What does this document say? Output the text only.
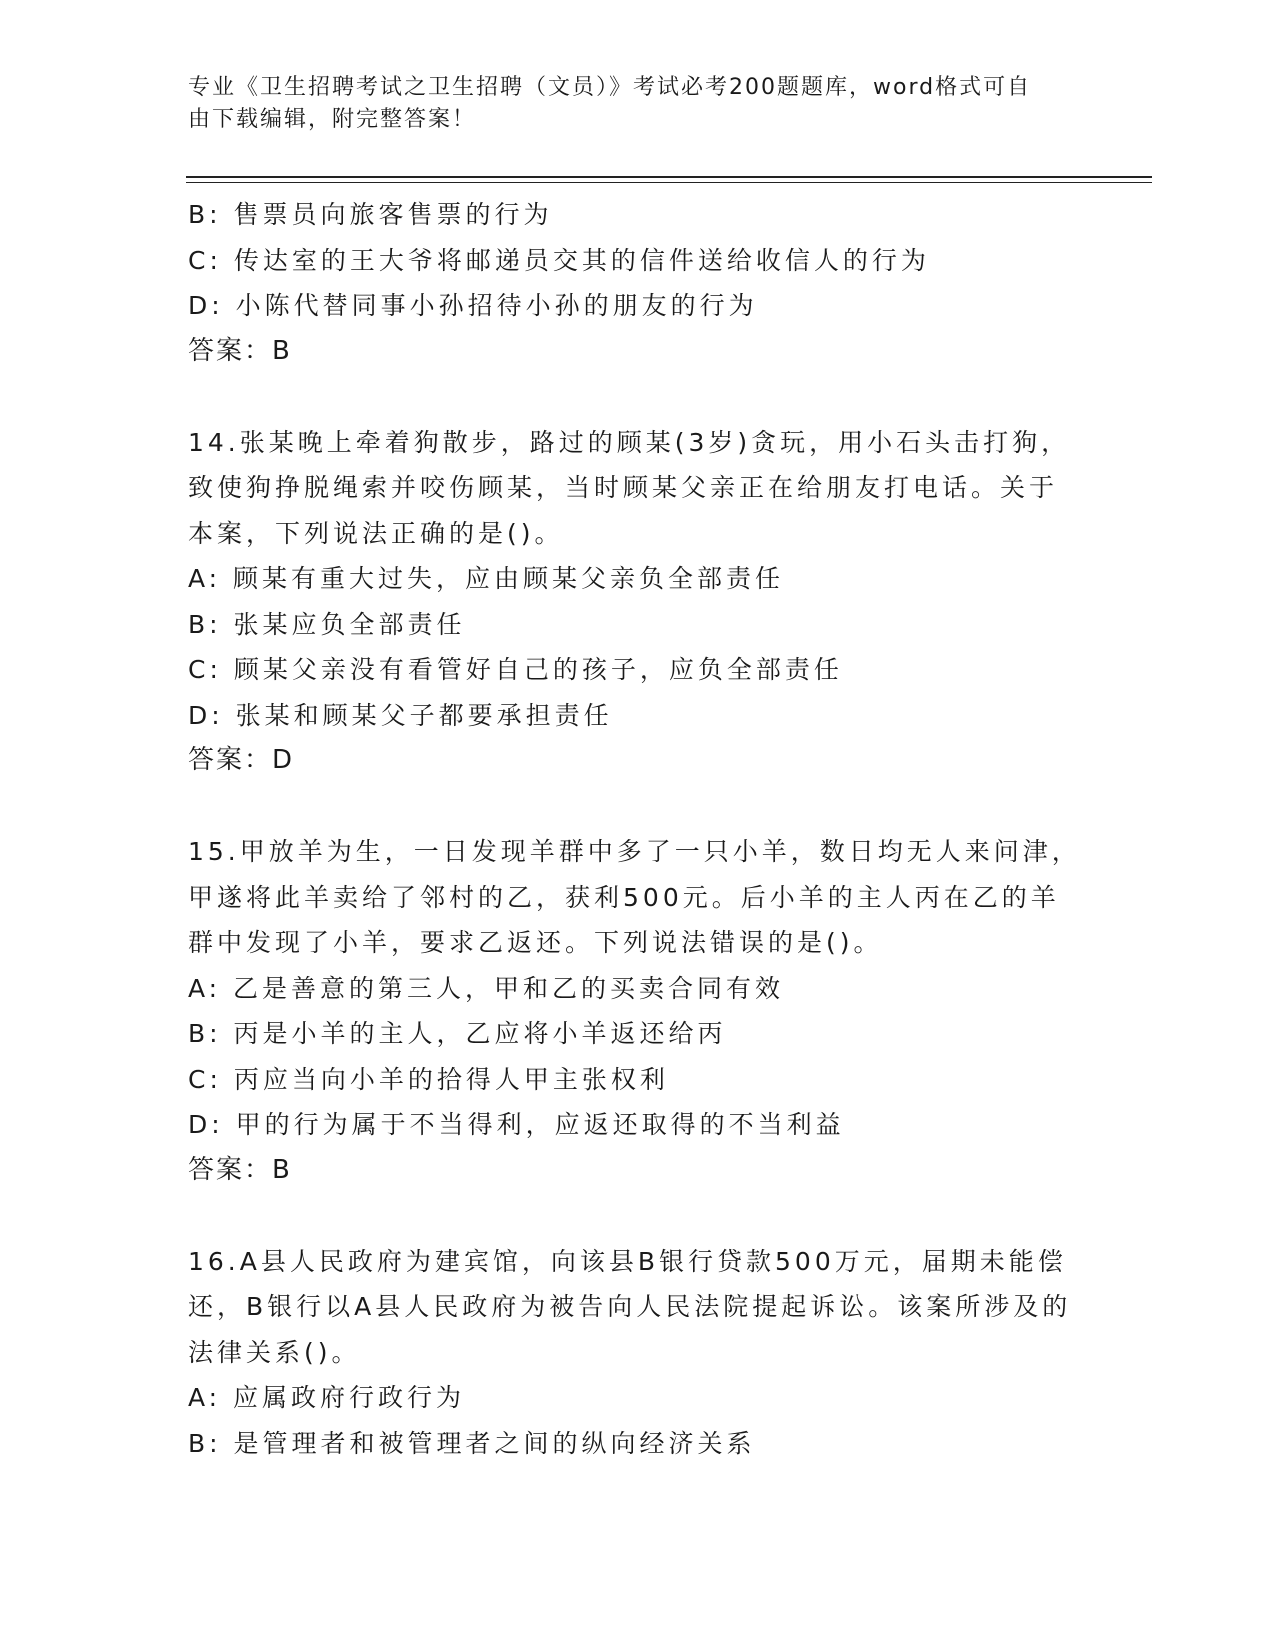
专业《卫生招聘考试之卫生招聘（文员）》考试必考200题题库，word格式可自
由下载编辑，附完整答案！
B: 售票员向旅客售票的行为
C: 传达室的王大爷将邮递员交其的信件送给收信人的行为
D: 小陈代替同事小孙招待小孙的朋友的行为
答案：B
14.张某晚上牵着狗散步，路过的顾某(3岁)贪玩，用小石头击打狗，
致使狗挣脱绳索并咬伤顾某，当时顾某父亲正在给朋友打电话。关于
本案，下列说法正确的是()。
A: 顾某有重大过失，应由顾某父亲负全部责任
B: 张某应负全部责任
C: 顾某父亲没有看管好自己的孩子，应负全部责任
D: 张某和顾某父子都要承担责任
答案：D
15.甲放羊为生，一日发现羊群中多了一只小羊，数日均无人来问津，
甲遂将此羊卖给了邻村的乙，获利500元。后小羊的主人丙在乙的羊
群中发现了小羊，要求乙返还。下列说法错误的是()。
A: 乙是善意的第三人，甲和乙的买卖合同有效
B: 丙是小羊的主人，乙应将小羊返还给丙
C: 丙应当向小羊的拾得人甲主张权利
D: 甲的行为属于不当得利，应返还取得的不当利益
答案：B
16.A县人民政府为建宾馆，向该县B银行贷款500万元，届期未能偿
还，B银行以A县人民政府为被告向人民法院提起诉讼。该案所涉及的
法律关系()。
A: 应属政府行政行为
B: 是管理者和被管理者之间的纵向经济关系
